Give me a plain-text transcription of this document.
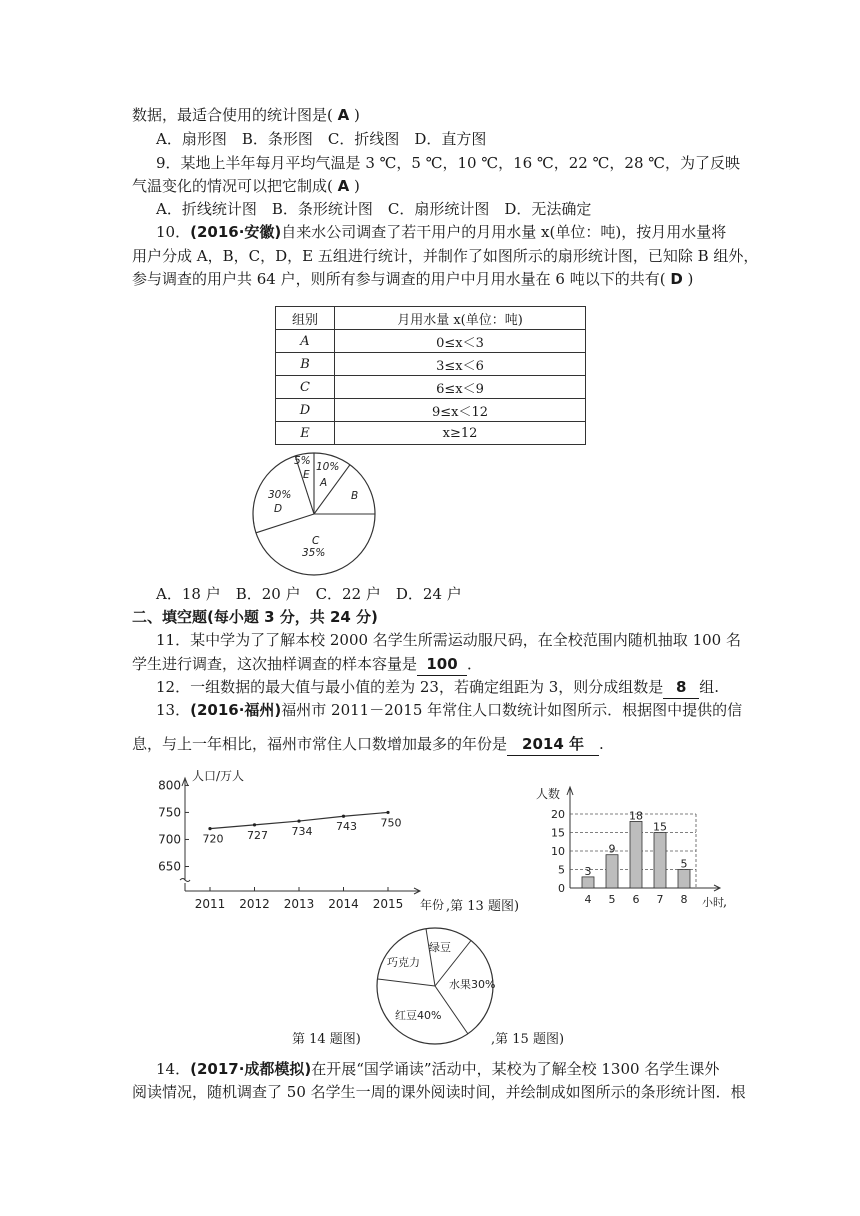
数据，最适合使用的统计图是( A )
A．扇形图　B．条形图　C．折线图　D．直方图
9．某地上半年每月平均气温是 3 ℃，5 ℃，10 ℃，16 ℃，22 ℃，28 ℃，为了反映
气温变化的情况可以把它制成( A )
A．折线统计图　B．条形统计图　C．扇形统计图　D．无法确定
10．(2016·安徽)自来水公司调查了若干用户的月用水量 x(单位：吨)，按月用水量将
用户分成 A，B，C，D，E 五组进行统计，并制作了如图所示的扇形统计图，已知除 B 组外，
参与调查的用户共 64 户，则所有参与调查的用户中月用水量在 6 吨以下的共有( D )
组别	月用水量 x(单位：吨)
A	0≤x＜3
B	3≤x＜6
C	6≤x＜9
D	9≤x＜12
E	x≥12
10%
A
B
C
35%
30%
D
5%
E
A．18 户　B．20 户　C．22 户　D．24 户
二、填空题(每小题 3 分，共 24 分)
11．某中学为了了解本校 2000 名学生所需运动服尺码，在全校范围内随机抽取 100 名
学生进行调查，这次抽样调查的样本容量是 100 ．
12．一组数据的最大值与最小值的差为 23，若确定组距为 3，则分成组数是 8 组.
13．(2016·福州)福州市 2011－2015 年常住人口数统计如图所示．根据图中提供的信
息，与上一年相比，福州市常住人口数增加最多的年份是 2014 年 .
650
700
750
800
2011 2012 2013 2014 2015
720 727 734 743 750
人口/万人
年份 ,第 13 题图)
0
5
10
15
20
3
9
18
15
5
4 5 6 7 8
人数
小时 ,
绿豆
水果30%
红豆40%
巧克力
第 14 题图)	,第 15 题图)
14．(2017·成都模拟)在开展“国学诵读”活动中，某校为了解全校 1300 名学生课外
阅读情况，随机调查了 50 名学生一周的课外阅读时间，并绘制成如图所示的条形统计图．根
